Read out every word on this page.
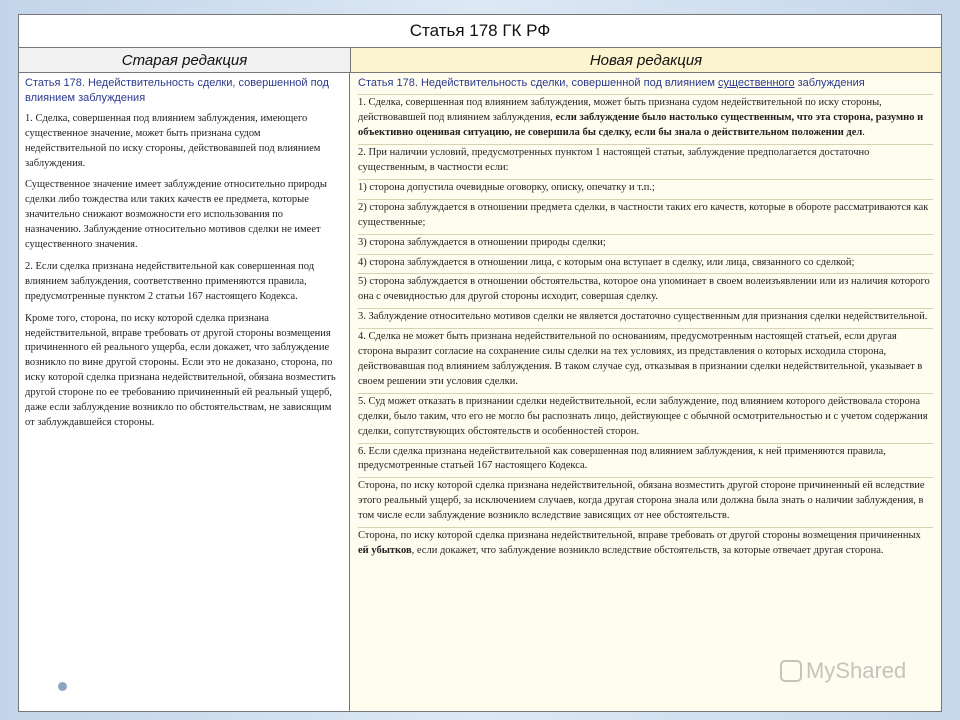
Статья 178 ГК РФ
Старая редакция	Новая редакция
Статья 178. Недействительность сделки, совершенной под влиянием заблуждения
1. Сделка, совершенная под влиянием заблуждения, имеющего существенное значение, может быть признана судом недействительной по иску стороны, действовавшей под влиянием заблуждения.
Существенное значение имеет заблуждение относительно природы сделки либо тождества или таких качеств ее предмета, которые значительно снижают возможности его использования по назначению. Заблуждение относительно мотивов сделки не имеет существенного значения.
2. Если сделка признана недействительной как совершенная под влиянием заблуждения, соответственно применяются правила, предусмотренные пунктом 2 статьи 167 настоящего Кодекса.
Кроме того, сторона, по иску которой сделка признана недействительной, вправе требовать от другой стороны возмещения причиненного ей реального ущерба, если докажет, что заблуждение возникло по вине другой стороны. Если это не доказано, сторона, по иску которой сделка признана недействительной, обязана возместить другой стороне по ее требованию причиненный ей реальный ущерб, даже если заблуждение возникло по обстоятельствам, не зависящим от заблуждавшейся стороны.
Статья 178. Недействительность сделки, совершенной под влиянием существенного заблуждения
1. Сделка, совершенная под влиянием заблуждения, может быть признана судом недействительной по иску стороны, действовавшей под влиянием заблуждения, если заблуждение было настолько существенным, что эта сторона, разумно и объективно оценивая ситуацию, не совершила бы сделку, если бы знала о действительном положении дел.
2. При наличии условий, предусмотренных пунктом 1 настоящей статьи, заблуждение предполагается достаточно существенным, в частности если:
1) сторона допустила очевидные оговорку, описку, опечатку и т.п.;
2) сторона заблуждается в отношении предмета сделки, в частности таких его качеств, которые в обороте рассматриваются как существенные;
3) сторона заблуждается в отношении природы сделки;
4) сторона заблуждается в отношении лица, с которым она вступает в сделку, или лица, связанного со сделкой;
5) сторона заблуждается в отношении обстоятельства, которое она упоминает в своем волеизъявлении или из наличия которого она с очевидностью для другой стороны исходит, совершая сделку.
3. Заблуждение относительно мотивов сделки не является достаточно существенным для признания сделки недействительной.
4. Сделка не может быть признана недействительной по основаниям, предусмотренным настоящей статьей, если другая сторона выразит согласие на сохранение силы сделки на тех условиях, из представления о которых исходила сторона, действовавшая под влиянием заблуждения. В таком случае суд, отказывая в признании сделки недействительной, указывает в своем решении эти условия сделки.
5. Суд может отказать в признании сделки недействительной, если заблуждение, под влиянием которого действовала сторона сделки, было таким, что его не могло бы распознать лицо, действующее с обычной осмотрительностью и с учетом содержания сделки, сопутствующих обстоятельств и особенностей сторон.
6. Если сделка признана недействительной как совершенная под влиянием заблуждения, к ней применяются правила, предусмотренные статьей 167 настоящего Кодекса.
Сторона, по иску которой сделка признана недействительной, обязана возместить другой стороне причиненный ей вследствие этого реальный ущерб, за исключением случаев, когда другая сторона знала или должна была знать о наличии заблуждения, в том числе если заблуждение возникло вследствие зависящих от нее обстоятельств.
Сторона, по иску которой сделка признана недействительной, вправе требовать от другой стороны возмещения причиненных ей убытков, если докажет, что заблуждение возникло вследствие обстоятельств, за которые отвечает другая сторона.
MyShared
